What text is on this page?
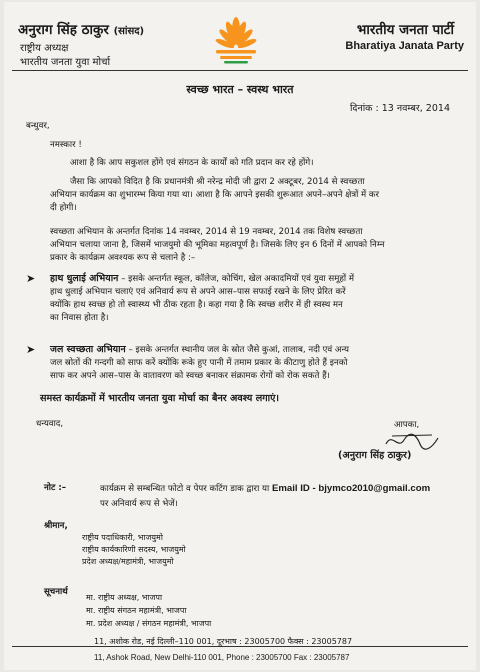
अनुराग सिंह ठाकुर (सांसद)
राष्ट्रीय अध्यक्ष
भारतीय जनता युवा मोर्चा
भारतीय जनता पार्टी
Bharatiya Janata Party
स्वच्छ भारत – स्वस्थ भारत
दिनांक : 13 नवम्बर, 2014
बन्धुवर,
नमस्कार !
आशा है कि आप सकुशल होंगे एवं संगठन के कार्यों को गति प्रदान कर रहे होंगे।
जैसा कि आपको विदित है कि प्रधानमंत्री श्री नरेन्द्र मोदी जी द्वारा 2 अक्टूबर, 2014 से स्वच्छता
अभियान कार्यक्रम का शुभारम्भ किया गया था। आशा है कि आपने इसकी शुरूआत अपने–अपने क्षेत्रों में कर
दी होगी।
स्वच्छता अभियान के अन्तर्गत दिनांक 14 नवम्बर, 2014 से 19 नवम्बर, 2014 तक विशेष स्वच्छता
अभियान चलाया जाना है, जिसमें भाजयुमो की भूमिका महत्वपूर्ण है। जिसके लिए इन 6 दिनों में आपको निम्न
प्रकार के कार्यक्रम अवश्यक रूप से चलाने है :–
➤ हाथ धुलाई अभियान – इसके अन्तर्गत स्कूल, कॉलेज, कोचिंग, खेल अकादमियों एवं युवा समूहों में
हाथ धुलाई अभियान चलाएं एवं अनिवार्य रूप से अपने आस–पास सफाई रखने के लिए प्रेरित करें
क्योंकि हाथ स्वच्छ हो तो स्वास्थ्य भी ठीक रहता है। कहा गया है कि स्वच्छ शरीर में ही स्वस्थ मन
का निवास होता है।
➤ जल स्वच्छता अभियान – इसके अन्तर्गत स्थानीय जल के स्रोत जैसे कुआं, तालाब, नदी एवं अन्य
जल स्रोतों की गन्दगी को साफ करें क्योंकि रूके हुए पानी में तमाम प्रकार के कीटाणु होते हैं इनको
साफ कर अपने आस–पास के वातावरण को स्वच्छ बनाकर संक्रामक रोगों को रोक सकते हैं।
समस्त कार्यक्रमों में भारतीय जनता युवा मोर्चा का बैनर अवश्य लगाएं।
धन्यवाद,	आपका,
(अनुराग सिंह ठाकुर)
नोट :–	कार्यक्रम से सम्बन्धित फोटो व पेपर कटिंग डाक द्वारा या Email ID - bjymco2010@gmail.com
पर अनिवार्य रूप से भेजें।
श्रीमान,
राष्ट्रीय पदाधिकारी, भाजयुमो
राष्ट्रीय कार्यकारिणी सदस्य, भाजयुमो
प्रदेश अध्यक्ष/महामंत्री, भाजयुमो
सूचनार्थ
मा. राष्ट्रीय अध्यक्ष, भाजपा
मा. राष्ट्रीय संगठन महामंत्री, भाजपा
मा. प्रदेश अध्यक्ष / संगठन महामंत्री, भाजपा
11, अशोक रोड, नई दिल्ली–110 001, दूरभाष : 23005700 फैक्स : 23005787
11, Ashok Road, New Delhi-110 001, Phone : 23005700 Fax : 23005787
